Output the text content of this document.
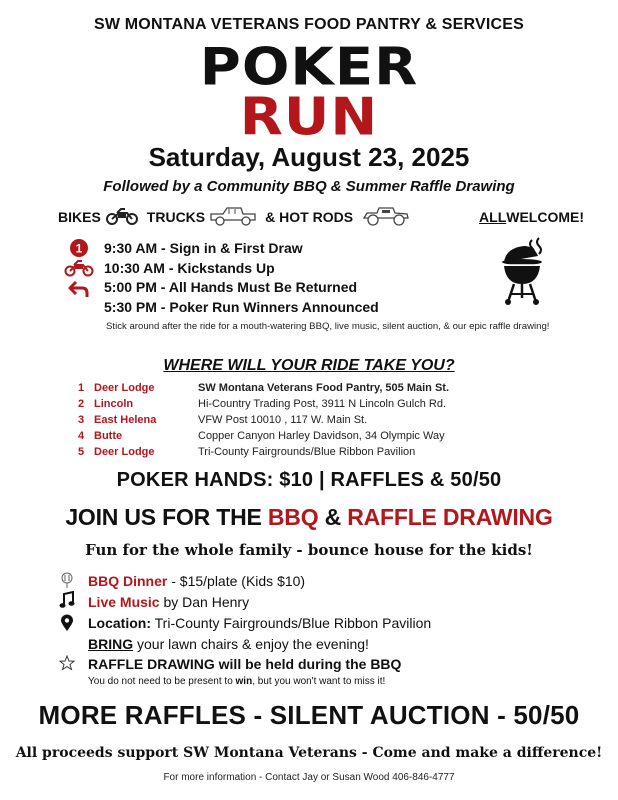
SW MONTANA VETERANS FOOD PANTRY & SERVICES
POKER
RUN
Saturday, August 23, 2025
Followed by a Community BBQ & Summer Raffle Drawing
BIKES	TRUCKS	& HOT RODS	ALL WELCOME!
1 9:30 AM - Sign in & First Draw
10:30 AM - Kickstands Up
5:00 PM - All Hands Must Be Returned
5:30 PM - Poker Run Winners Announced
Stick around after the ride for a mouth-watering BBQ, live music, silent auction, & our epic raffle drawing!
WHERE WILL YOUR RIDE TAKE YOU?
1 Deer Lodge	SW Montana Veterans Food Pantry, 505 Main St.
2 Lincoln	Hi-Country Trading Post, 3911 N Lincoln Gulch Rd.
3 East Helena	VFW Post 10010 , 117 W. Main St.
4 Butte	Copper Canyon Harley Davidson, 34 Olympic Way
5 Deer Lodge	Tri-County Fairgrounds/Blue Ribbon Pavilion
POKER HANDS: $10 | RAFFLES & 50/50
JOIN US FOR THE BBQ & RAFFLE DRAWING
Fun for the whole family - bounce house for the kids!
BBQ Dinner - $15/plate (Kids $10)
Live Music by Dan Henry
Location: Tri-County Fairgrounds/Blue Ribbon Pavilion
BRING your lawn chairs & enjoy the evening!
RAFFLE DRAWING will be held during the BBQ
You do not need to be present to win, but you won't want to miss it!
MORE RAFFLES - SILENT AUCTION - 50/50
All proceeds support SW Montana Veterans - Come and make a difference!
For more information - Contact Jay or Susan Wood 406-846-4777
